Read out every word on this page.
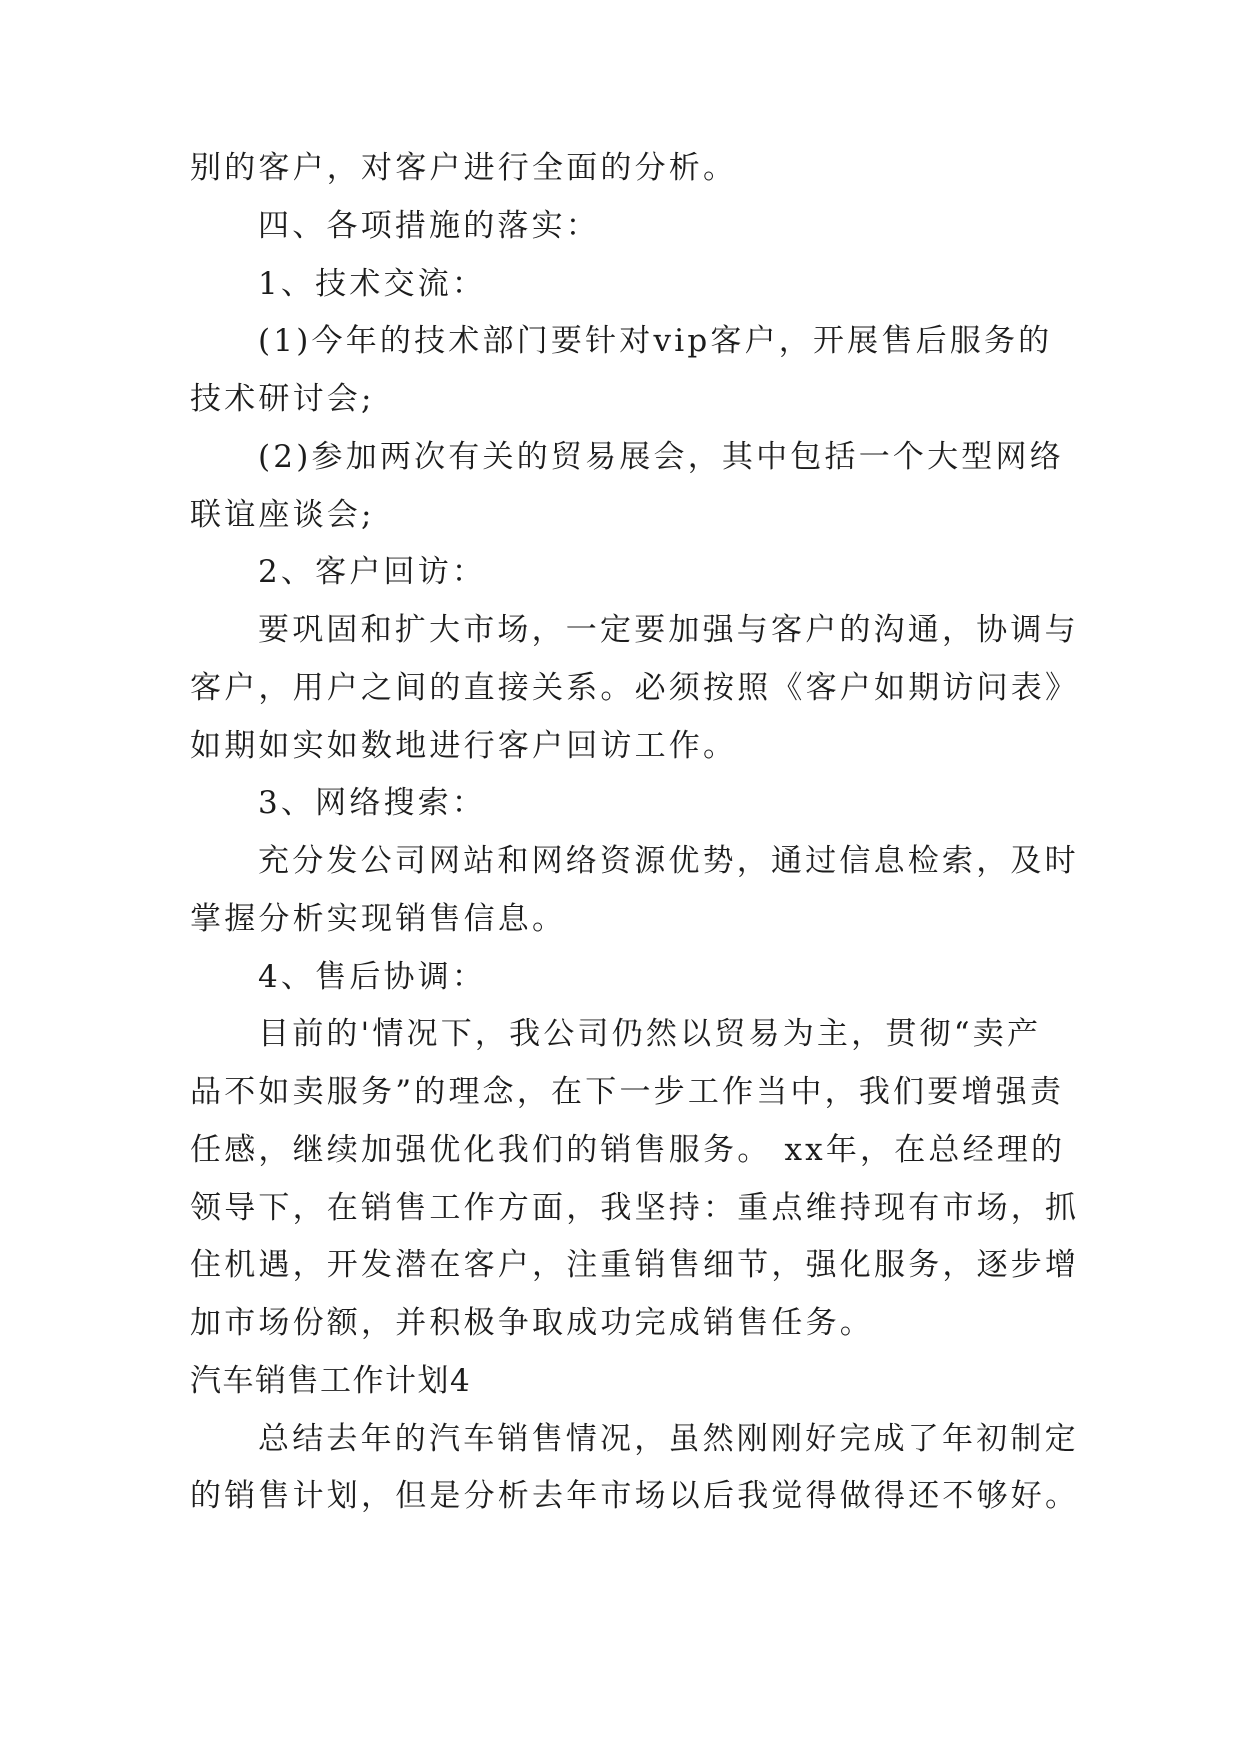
别的客户，对客户进行全面的分析。
四、各项措施的落实：
1、技术交流：
(1)今年的技术部门要针对vip客户，开展售后服务的
技术研讨会;
(2)参加两次有关的贸易展会，其中包括一个大型网络
联谊座谈会;
2、客户回访：
要巩固和扩大市场，一定要加强与客户的沟通，协调与
客户，用户之间的直接关系。必须按照《客户如期访问表》
如期如实如数地进行客户回访工作。
3、网络搜索：
充分发公司网站和网络资源优势，通过信息检索，及时
掌握分析实现销售信息。
4、售后协调：
目前的'情况下，我公司仍然以贸易为主，贯彻“卖产
品不如卖服务”的理念，在下一步工作当中，我们要增强责
任感，继续加强优化我们的销售服务。 xx年，在总经理的
领导下，在销售工作方面，我坚持：重点维持现有市场，抓
住机遇，开发潜在客户，注重销售细节，强化服务，逐步增
加市场份额，并积极争取成功完成销售任务。
汽车销售工作计划4
总结去年的汽车销售情况，虽然刚刚好完成了年初制定
的销售计划，但是分析去年市场以后我觉得做得还不够好。
